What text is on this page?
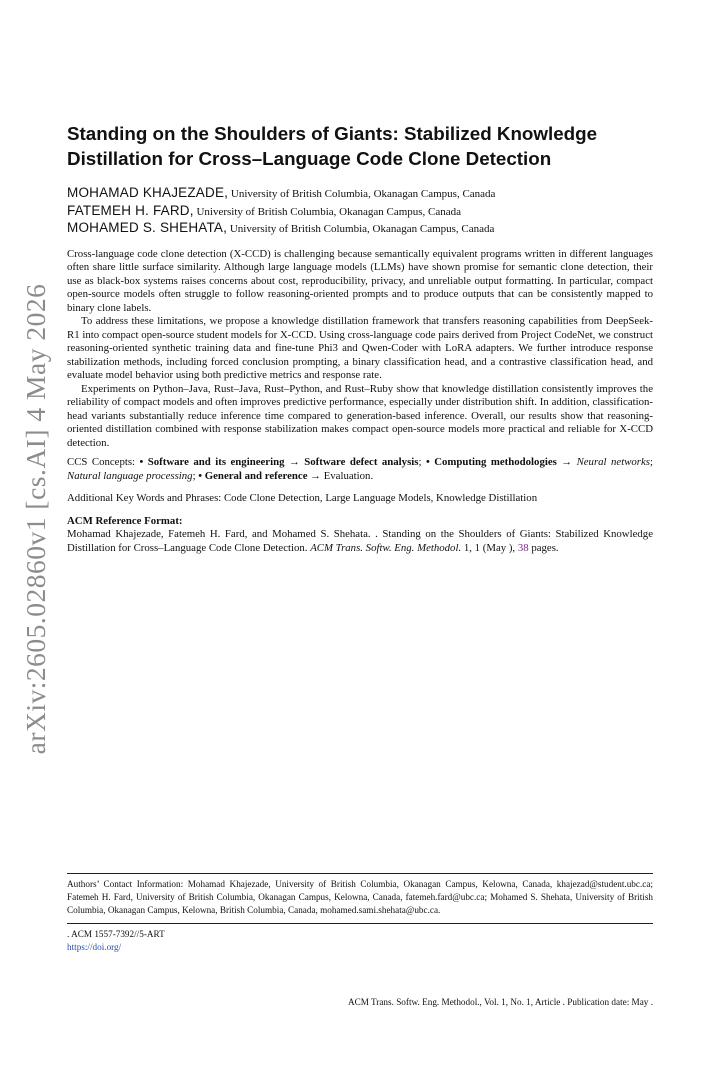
arXiv:2605.02860v1 [cs.AI] 4 May 2026
Standing on the Shoulders of Giants: Stabilized Knowledge
Distillation for Cross–Language Code Clone Detection
MOHAMAD KHAJEZADE, University of British Columbia, Okanagan Campus, Canada
FATEMEH H. FARD, University of British Columbia, Okanagan Campus, Canada
MOHAMED S. SHEHATA, University of British Columbia, Okanagan Campus, Canada

Cross-language code clone detection (X-CCD) is challenging because semantically equivalent programs written in different languages often share little surface similarity. Although large language models (LLMs) have shown promise for semantic clone detection, their use as black-box systems raises concerns about cost, reproducibility, privacy, and unreliable output formatting. In particular, compact open-source models often struggle to follow reasoning-oriented prompts and to produce outputs that can be consistently mapped to binary clone labels.

To address these limitations, we propose a knowledge distillation framework that transfers reasoning capabilities from DeepSeek-R1 into compact open-source student models for X-CCD. Using cross-language code pairs derived from Project CodeNet, we construct reasoning-oriented synthetic training data and fine-tune Phi3 and Qwen-Coder with LoRA adapters. We further introduce response stabilization methods, including forced conclusion prompting, a binary classification head, and a contrastive classification head, and evaluate model behavior using both predictive metrics and response rate.

Experiments on Python–Java, Rust–Java, Rust–Python, and Rust–Ruby show that knowledge distillation consistently improves the reliability of compact models and often improves predictive performance, especially under distribution shift. In addition, classification-head variants substantially reduce inference time compared to generation-based inference. Overall, our results show that reasoning-oriented distillation combined with response stabilization makes compact open-source models more practical and reliable for X-CCD detection.

CCS Concepts: • Software and its engineering → Software defect analysis; • Computing methodologies → Neural networks; Natural language processing; • General and reference → Evaluation.
Additional Key Words and Phrases: Code Clone Detection, Large Language Models, Knowledge Distillation
ACM Reference Format:
Mohamad Khajezade, Fatemeh H. Fard, and Mohamed S. Shehata. . Standing on the Shoulders of Giants: Stabilized Knowledge Distillation for Cross–Language Code Clone Detection. ACM Trans. Softw. Eng. Methodol. 1, 1 (May ), 38 pages.
Authors’ Contact Information: Mohamad Khajezade, University of British Columbia, Okanagan Campus, Kelowna, Canada, khajezad@student.ubc.ca; Fatemeh H. Fard, University of British Columbia, Okanagan Campus, Kelowna, Canada, fatemeh.fard@ubc.ca; Mohamed S. Shehata, University of British Columbia, Okanagan Campus, Kelowna, British Columbia, Canada, mohamed.sami.shehata@ubc.ca.
. ACM 1557-7392//5-ART
https://doi.org/
ACM Trans. Softw. Eng. Methodol., Vol. 1, No. 1, Article . Publication date: May .
